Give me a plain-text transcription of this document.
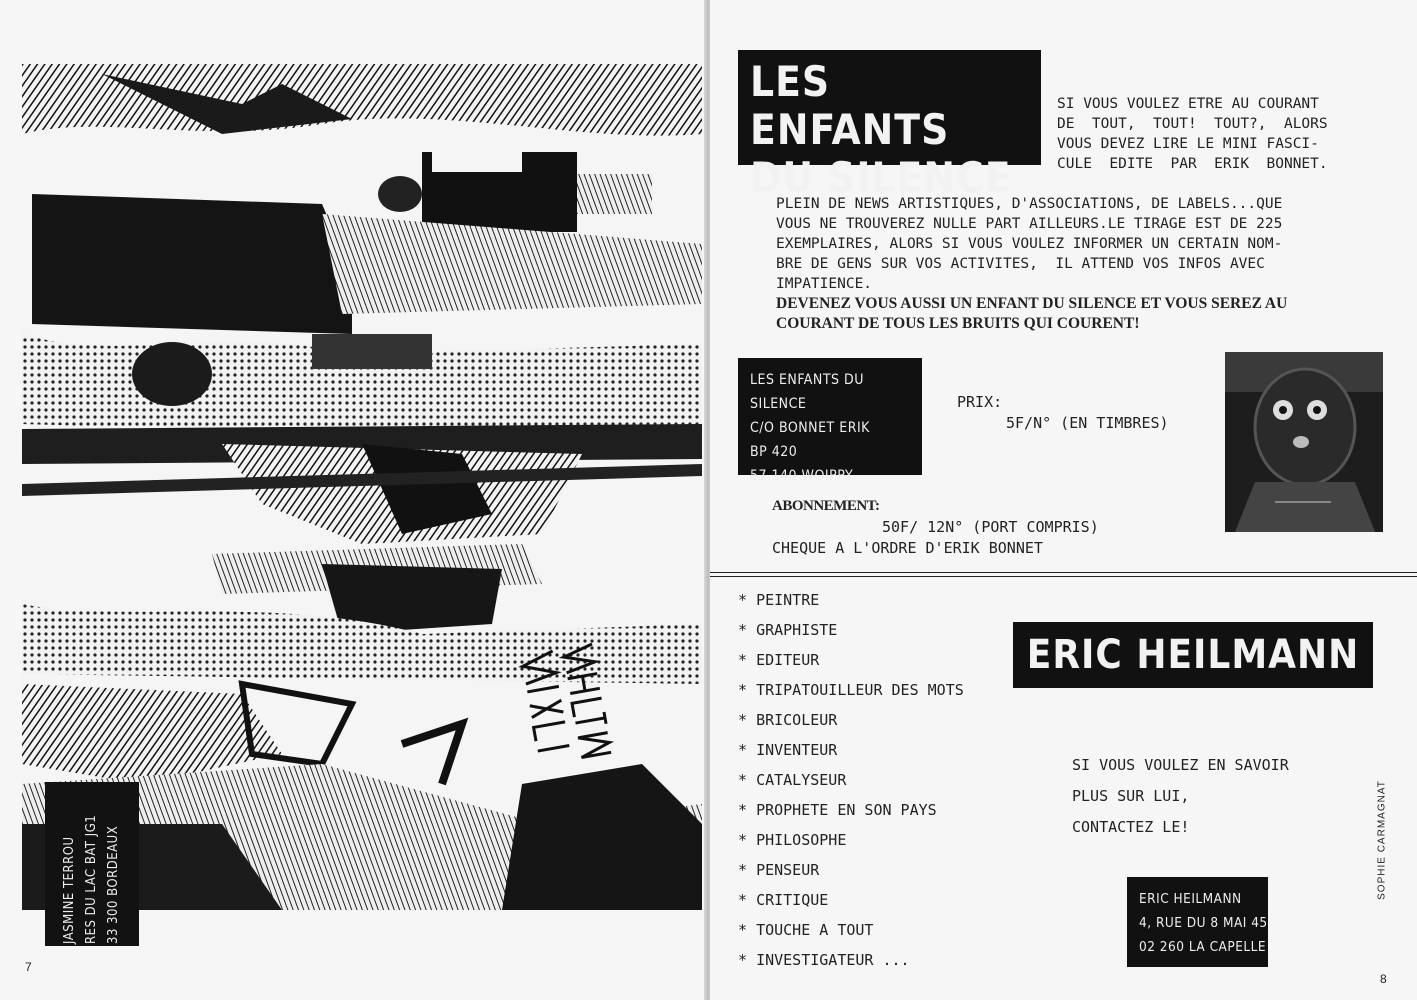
JASMINE TERROU RES DU LAC BAT JG1 33 300 BORDEAUX
7
LES ENFANTS
DU SILENCE
SI VOUS VOULEZ ETRE AU COURANT
DE  TOUT,  TOUT!  TOUT?,  ALORS
VOUS DEVEZ LIRE LE MINI FASCI-
CULE  EDITE  PAR  ERIK  BONNET.
PLEIN DE NEWS ARTISTIQUES, D'ASSOCIATIONS, DE LABELS...QUE
VOUS NE TROUVEREZ NULLE PART AILLEURS.LE TIRAGE EST DE 225
EXEMPLAIRES, ALORS SI VOUS VOULEZ INFORMER UN CERTAIN NOM-
BRE DE GENS SUR VOS ACTIVITES,  IL ATTEND VOS INFOS AVEC
IMPATIENCE.
DEVENEZ VOUS AUSSI UN ENFANT DU SILENCE ET VOUS SEREZ AU
COURANT DE TOUS LES BRUITS QUI COURENT!
LES ENFANTS DU SILENCE
C/O BONNET ERIK
BP 420
57 140 WOIPPY
PRIX:
5F/N° (EN TIMBRES)
ABONNEMENT:
50F/ 12N° (PORT COMPRIS)
CHEQUE A L'ORDRE D'ERIK BONNET
* PEINTRE
* GRAPHISTE
* EDITEUR
* TRIPATOUILLEUR DES MOTS
* BRICOLEUR
* INVENTEUR
* CATALYSEUR
* PROPHETE EN SON PAYS
* PHILOSOPHE
* PENSEUR
* CRITIQUE
* TOUCHE A TOUT
* INVESTIGATEUR ...
ERIC HEILMANN
SI VOUS VOULEZ EN SAVOIR
PLUS SUR LUI,
CONTACTEZ LE!
ERIC HEILMANN
4, RUE DU 8 MAI 45
02 260 LA CAPELLE
SOPHIE CARMAGNAT
8
